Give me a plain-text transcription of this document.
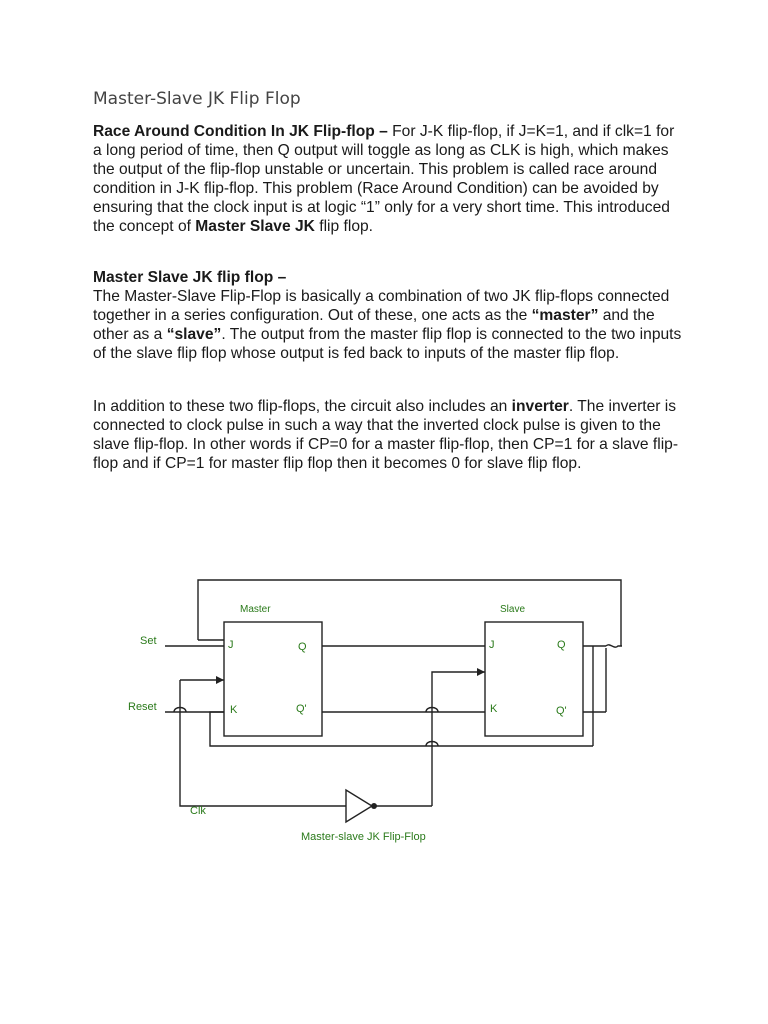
Master-Slave JK Flip Flop
Race Around Condition In JK Flip-flop – For J-K flip-flop, if J=K=1, and if clk=1 for a long period of time, then Q output will toggle as long as CLK is high, which makes the output of the flip-flop unstable or uncertain. This problem is called race around condition in J-K flip-flop. This problem (Race Around Condition) can be avoided by ensuring that the clock input is at logic “1” only for a very short time. This introduced the concept of Master Slave JK flip flop.
Master Slave JK flip flop –
The Master-Slave Flip-Flop is basically a combination of two JK flip-flops connected together in a series configuration. Out of these, one acts as the “master” and the other as a “slave”. The output from the master flip flop is connected to the two inputs of the slave flip flop whose output is fed back to inputs of the master flip flop.
In addition to these two flip-flops, the circuit also includes an inverter. The inverter is connected to clock pulse in such a way that the inverted clock pulse is given to the slave flip-flop. In other words if CP=0 for a master flip-flop, then CP=1 for a slave flip-flop and if CP=1 for master flip flop then it becomes 0 for slave flip flop.
Master	Slave
Set
Reset
Clk
J
K
Q
Q'
J
K
Q
Q'
Master-slave JK Flip-Flop
